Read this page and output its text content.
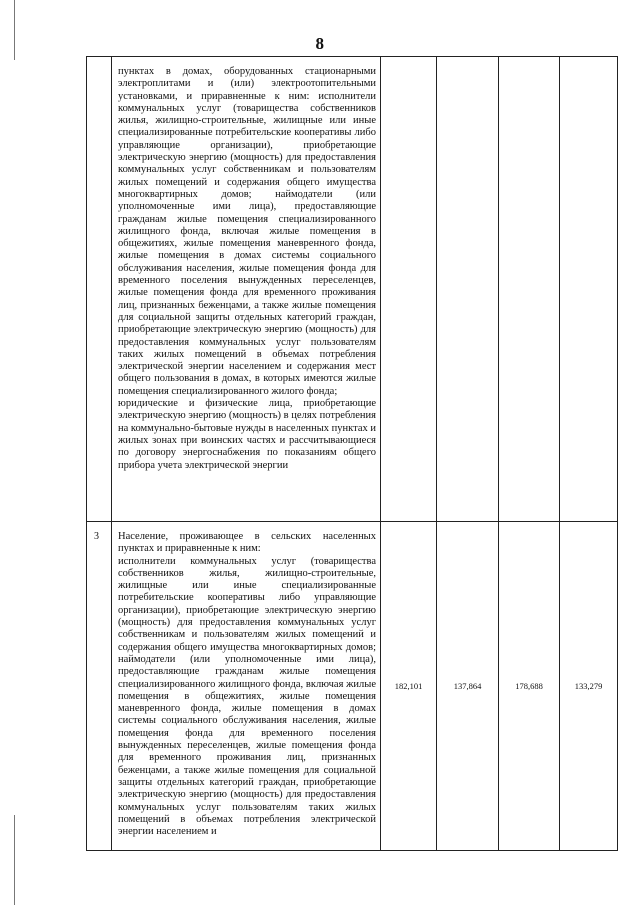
8

	пунктах в домах, оборудованных стационарными электроплитами и (или) электроотопительными установками, и приравненные к ним: исполнители коммунальных услуг (товарищества собственников жилья, жилищно-строительные, жилищные или иные специализированные потребительские кооперативы либо управляющие организации), приобретающие электрическую энергию (мощность) для предоставления коммунальных услуг собственникам и пользователям жилых помещений и содержания общего имущества многоквартирных домов; наймодатели (или уполномоченные ими лица), предоставляющие гражданам жилые помещения специализированного жилищного фонда, включая жилые помещения в общежитиях, жилые помещения маневренного фонда, жилые помещения в домах системы социального обслуживания населения, жилые помещения фонда для временного поселения вынужденных переселенцев, жилые помещения фонда для временного проживания лиц, признанных беженцами, а также жилые помещения для социальной защиты отдельных категорий граждан, приобретающие электрическую энергию (мощность) для предоставления коммунальных услуг пользователям таких жилых помещений в объемах потребления электрической энергии населением и содержания мест общего пользования в домах, в которых имеются жилые помещения специализированного жилого фонда;

юридические и физические лица, приобретающие электрическую энергию (мощность) в целях потребления на коммунально-бытовые нужды в населенных пунктах и жилых зонах при воинских частях и рассчитывающиеся по договору энергоснабжения по показаниям общего прибора учета электрической энергии				

3	Население, проживающее в сельских населенных пунктах и приравненные к ним:

исполнители коммунальных услуг (товарищества собственников жилья, жилищно-строительные, жилищные или иные специализированные потребительские кооперативы либо управляющие организации), приобретающие электрическую энергию (мощность) для предоставления коммунальных услуг собственникам и пользователям жилых помещений и содержания общего имущества многоквартирных домов; наймодатели (или уполномоченные ими лица), предоставляющие гражданам жилые помещения специализированного жилищного фонда, включая жилые помещения в общежитиях, жилые помещения маневренного фонда, жилые помещения в домах системы социального обслуживания населения, жилые помещения фонда для временного поселения вынужденных переселенцев, жилые помещения фонда для временного проживания лиц, признанных беженцами, а также жилые помещения для социальной защиты отдельных категорий граждан, приобретающие электрическую энергию (мощность) для предоставления коммунальных услуг пользователям таких жилых помещений в объемах потребления электрической энергии населением и	182,101	137,864	178,688	133,279
